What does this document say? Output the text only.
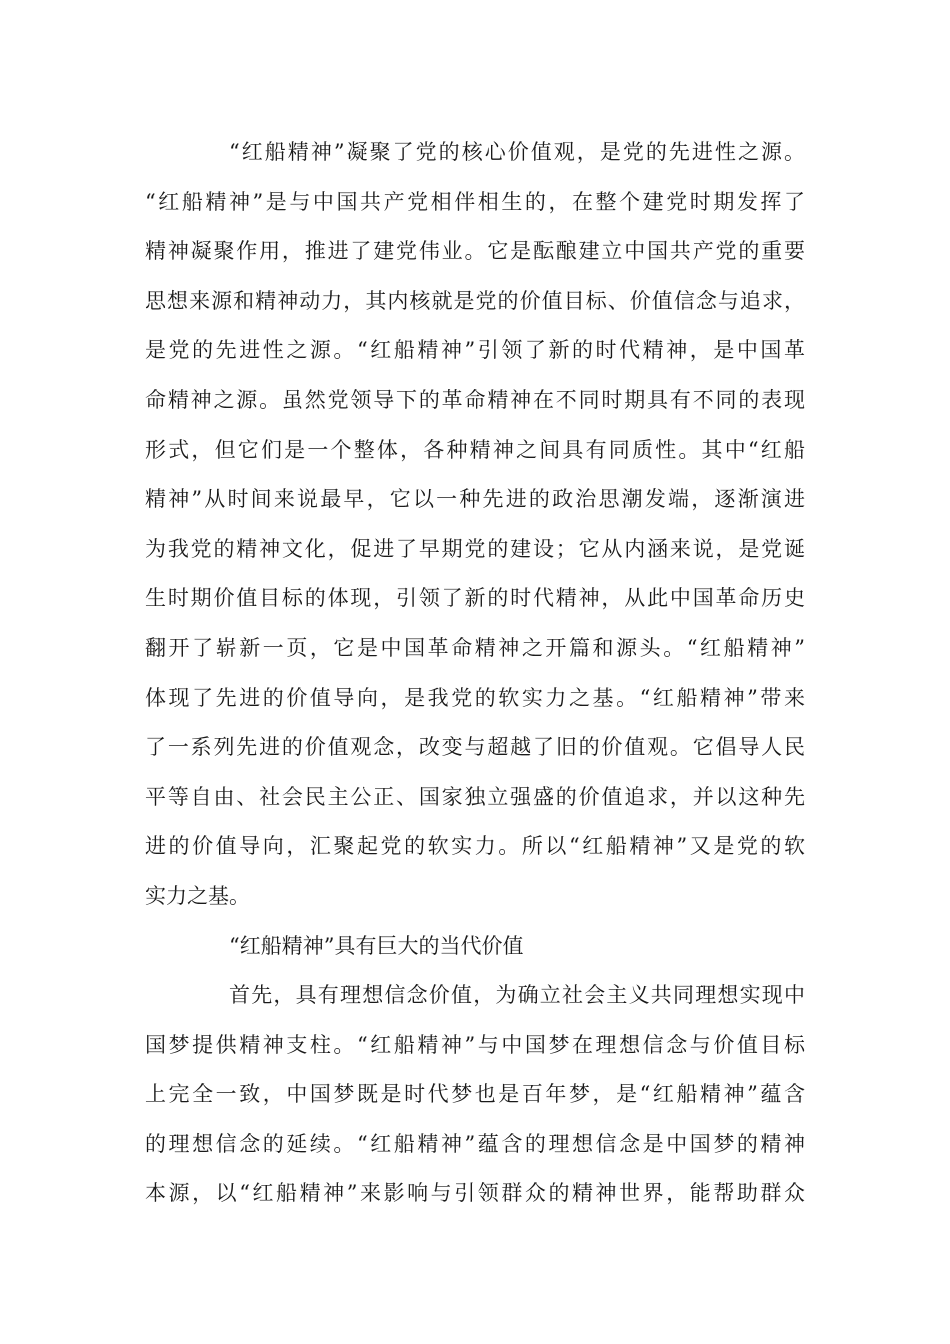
“红船精神”凝聚了党的核心价值观，是党的先进性之源。
“红船精神”是与中国共产党相伴相生的，在整个建党时期发挥了
精神凝聚作用，推进了建党伟业。它是酝酿建立中国共产党的重要
思想来源和精神动力，其内核就是党的价值目标、价值信念与追求，
是党的先进性之源。“红船精神”引领了新的时代精神，是中国革
命精神之源。虽然党领导下的革命精神在不同时期具有不同的表现
形式，但它们是一个整体，各种精神之间具有同质性。其中“红船
精神”从时间来说最早，它以一种先进的政治思潮发端，逐渐演进
为我党的精神文化，促进了早期党的建设；它从内涵来说，是党诞
生时期价值目标的体现，引领了新的时代精神，从此中国革命历史
翻开了崭新一页，它是中国革命精神之开篇和源头。“红船精神”
体现了先进的价值导向，是我党的软实力之基。“红船精神”带来
了一系列先进的价值观念，改变与超越了旧的价值观。它倡导人民
平等自由、社会民主公正、国家独立强盛的价值追求，并以这种先
进的价值导向，汇聚起党的软实力。所以“红船精神”又是党的软
实力之基。
“红船精神”具有巨大的当代价值
首先，具有理想信念价值，为确立社会主义共同理想实现中
国梦提供精神支柱。“红船精神”与中国梦在理想信念与价值目标
上完全一致，中国梦既是时代梦也是百年梦，是“红船精神”蕴含
的理想信念的延续。“红船精神”蕴含的理想信念是中国梦的精神
本源，以“红船精神”来影响与引领群众的精神世界，能帮助群众
